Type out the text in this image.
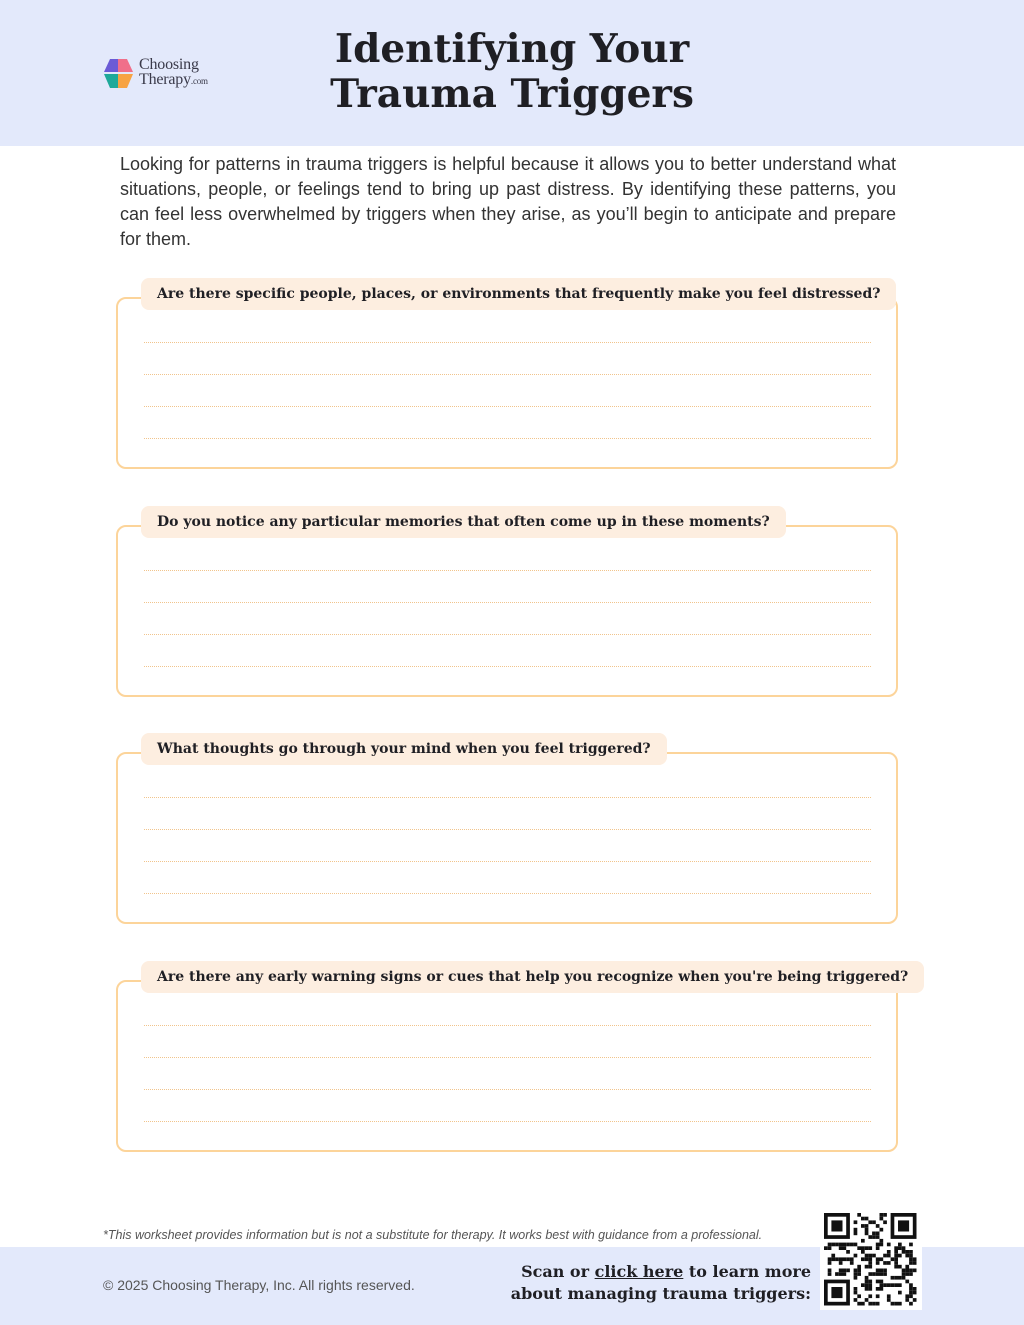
Choosing
Therapy.com
Identifying Your
Trauma Triggers

Looking for patterns in trauma triggers is helpful because it allows you to better understand what situations, people, or feelings tend to bring up past distress. By identifying these patterns, you can feel less overwhelmed by triggers when they arise, as you’ll begin to anticipate and prepare for them.

Are there specific people, places, or environments that frequently make you feel distressed?
Do you notice any particular memories that often come up in these moments?
What thoughts go through your mind when you feel triggered?
Are there any early warning signs or cues that help you recognize when you're being triggered?
*This worksheet provides information but is not a substitute for therapy. It works best with guidance from a professional.
© 2025 Choosing Therapy, Inc. All rights reserved.
Scan or click here to learn more
about managing trauma triggers:
